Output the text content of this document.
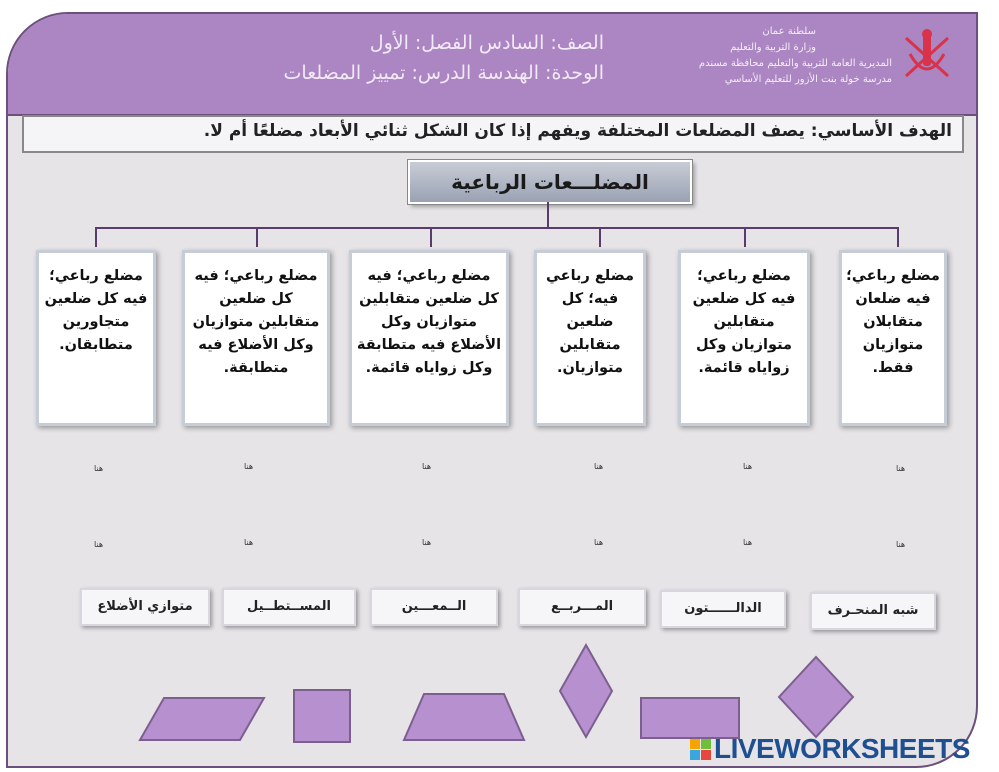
الصف: السادس الفصل: الأول
الوحدة: الهندسة الدرس: تمييز المضلعات
سلطنة عمان
وزارة التربية والتعليم
المديرية العامة للتربية والتعليم محافظة مسندم
مدرسة خولة بنت الأزور للتعليم الأساسي
الهدف الأساسي: يصف المضلعات المختلفة ويفهم إذا كان الشكل ثنائي الأبعاد مضلعًا أم لا.
المضلـــعات الرباعية
مضلع رباعي؛ فيه ضلعان متقابلان متوازيان فقط.
مضلع رباعي؛ فيه كل ضلعين متقابلين متوازيان وكل زواياه قائمة.
مضلع رباعي فيه؛ كل ضلعين متقابلين متوازيان.
مضلع رباعي؛ فيه كل ضلعين متقابلين متوازيان وكل الأضلاع فيه متطابقة وكل زواياه قائمة.
مضلع رباعي؛ فيه كل ضلعين متقابلين متوازيان وكل الأضلاع فيه متطابقة.
مضلع رباعي؛ فيه كل ضلعين متجاورين متطابقان.
هنا
هنا
هنا
هنا
هنا
هنا
هنا
هنا
هنا
هنا
هنا
هنا
شبه المنحـرف
الدالــــــتون
المـــربــع
الــمعـــين
المســتطــيل
متوازي الأضلاع
LIVEWORKSHEETS
